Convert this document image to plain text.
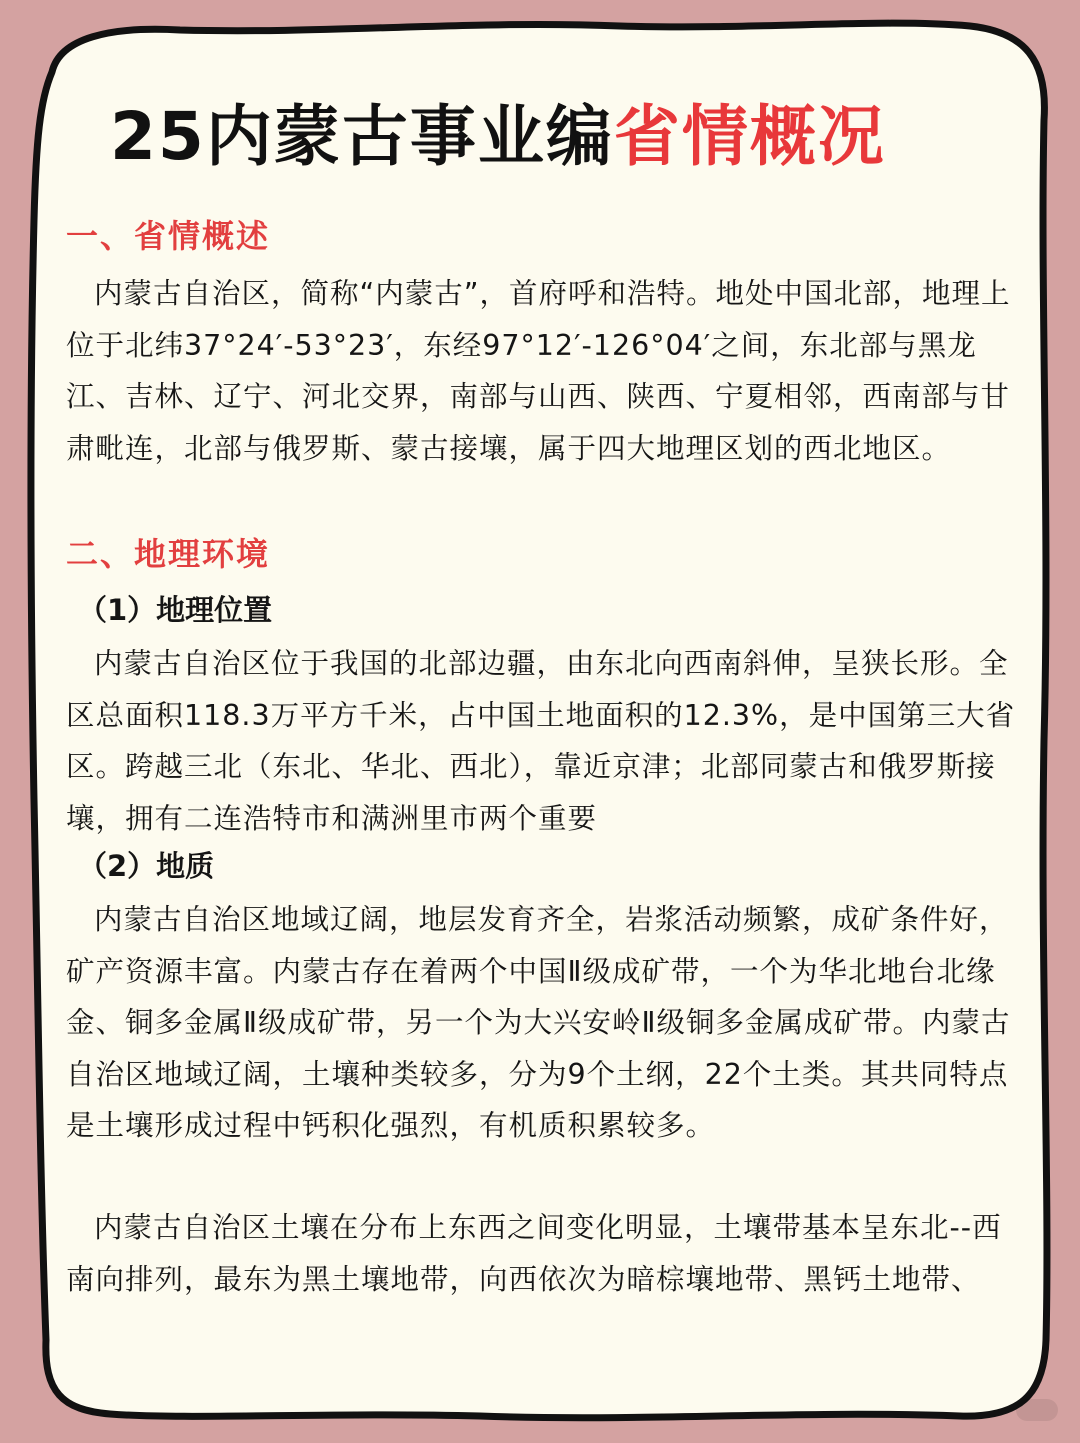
25内蒙古事业编省情概况
一、省情概述

内蒙古自治区，简称“内蒙古”，首府呼和浩特。地处中国北部，地理上位于北纬37°24′-53°23′，东经97°12′-126°04′之间，东北部与黑龙江、吉林、辽宁、河北交界，南部与山西、陕西、宁夏相邻，西南部与甘肃毗连，北部与俄罗斯、蒙古接壤，属于四大地理区划的西北地区。

二、地理环境
（1）地理位置

内蒙古自治区位于我国的北部边疆，由东北向西南斜伸，呈狭长形。全区总面积118.3万平方千米，占中国土地面积的12.3%，是中国第三大省区。跨越三北（东北、华北、西北），靠近京津；北部同蒙古和俄罗斯接壤，拥有二连浩特市和满洲里市两个重要

（2）地质

内蒙古自治区地域辽阔，地层发育齐全，岩浆活动频繁，成矿条件好，矿产资源丰富。内蒙古存在着两个中国Ⅱ级成矿带，一个为华北地台北缘金、铜多金属Ⅱ级成矿带，另一个为大兴安岭Ⅱ级铜多金属成矿带。内蒙古自治区地域辽阔，土壤种类较多，分为9个土纲，22个土类。其共同特点是土壤形成过程中钙积化强烈，有机质积累较多。

内蒙古自治区土壤在分布上东西之间变化明显，土壤带基本呈东北--西南向排列，最东为黑土壤地带，向西依次为暗棕壤地带、黑钙土地带、
